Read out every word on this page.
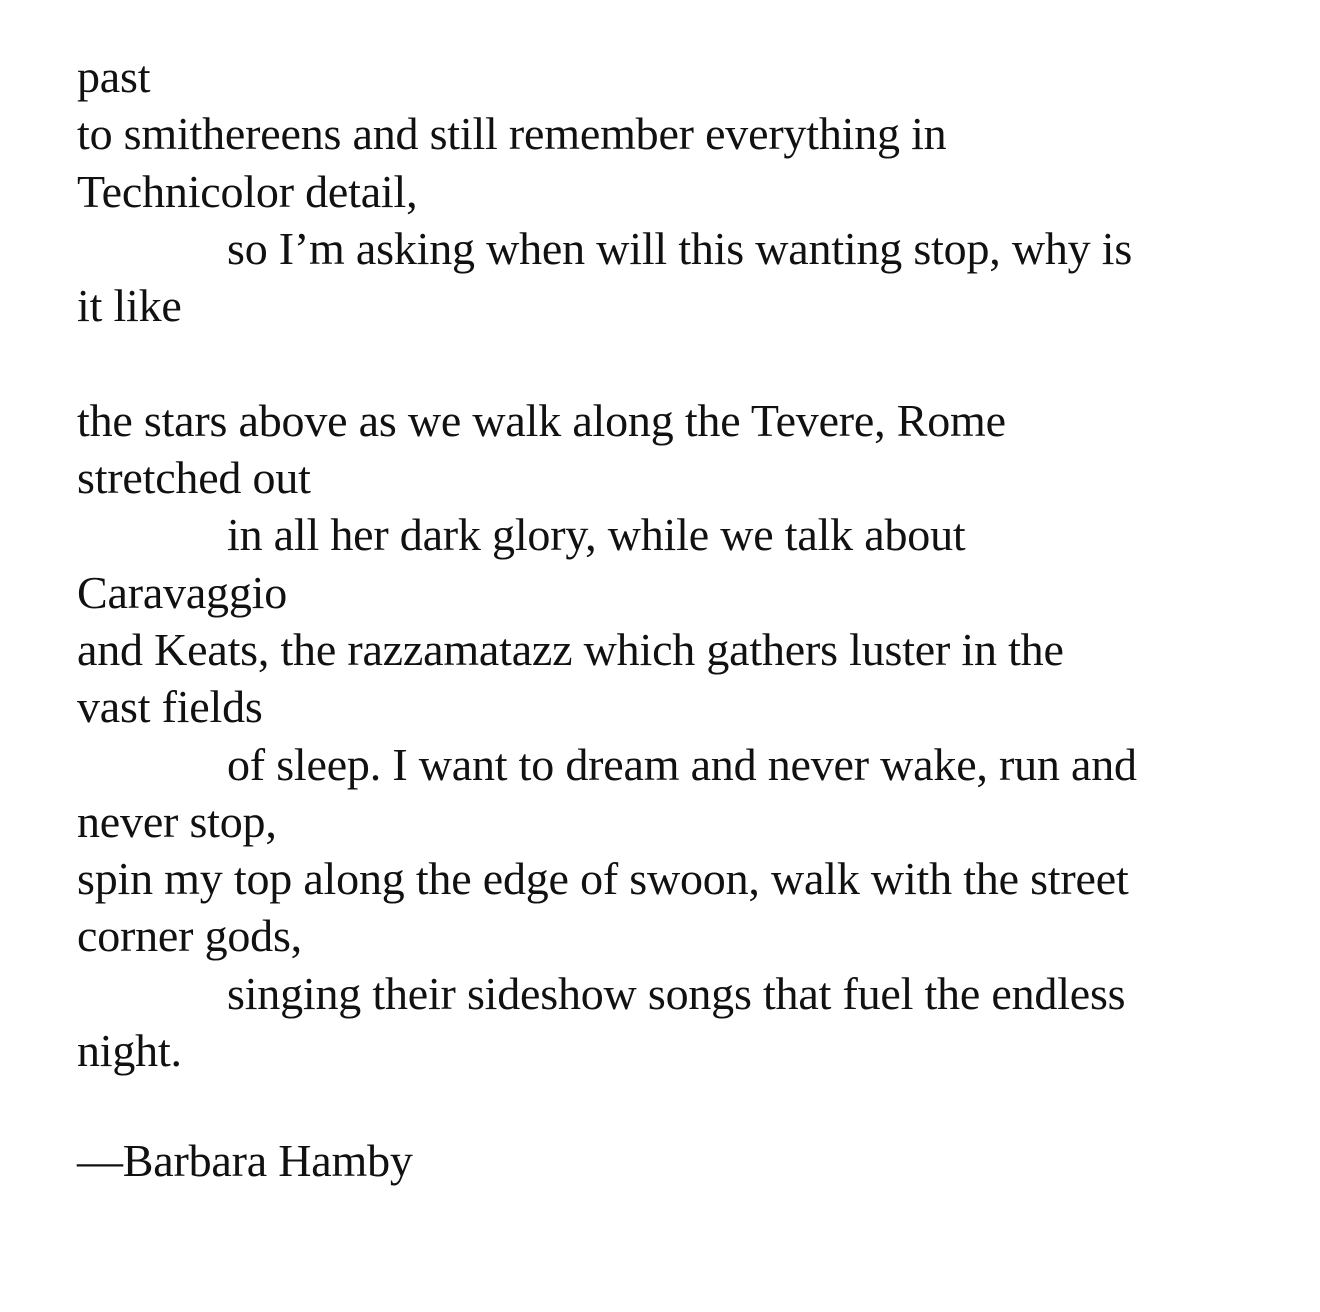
past
to smithereens and still remember everything in
Technicolor detail,
so I’m asking when will this wanting stop, why is
it like
the stars above as we walk along the Tevere, Rome
stretched out
in all her dark glory, while we talk about
Caravaggio
and Keats, the razzamatazz which gathers luster in the
vast fields
of sleep. I want to dream and never wake, run and
never stop,
spin my top along the edge of swoon, walk with the street
corner gods,
singing their sideshow songs that fuel the endless
night.
—Barbara Hamby
